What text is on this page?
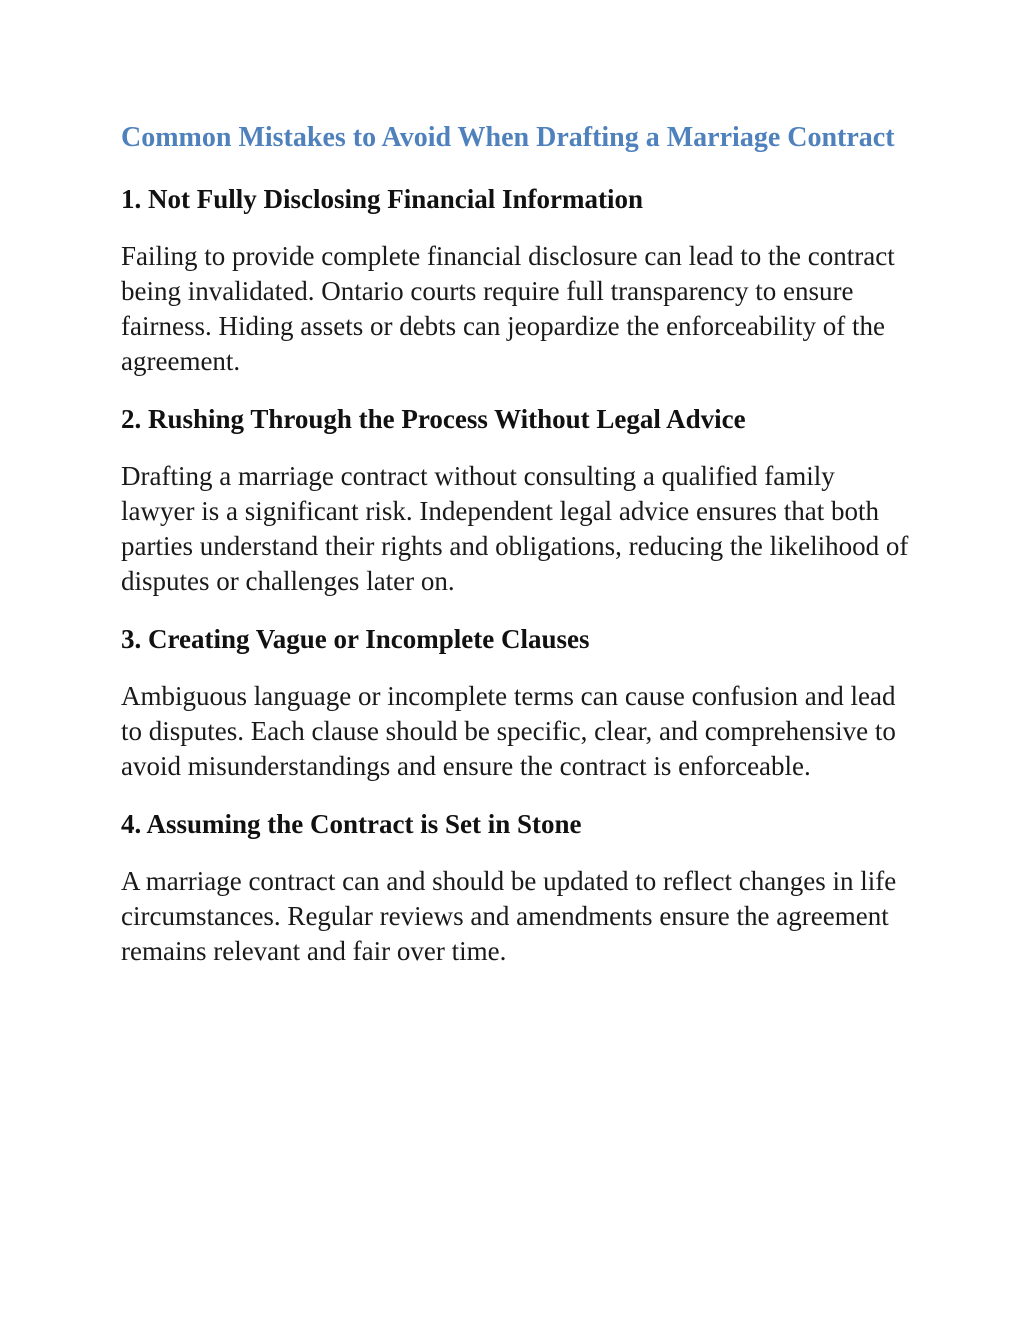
Common Mistakes to Avoid When Drafting a Marriage Contract
1. Not Fully Disclosing Financial Information

Failing to provide complete financial disclosure can lead to the contract being invalidated. Ontario courts require full transparency to ensure fairness. Hiding assets or debts can jeopardize the enforceability of the agreement.

2. Rushing Through the Process Without Legal Advice

Drafting a marriage contract without consulting a qualified family lawyer is a significant risk. Independent legal advice ensures that both parties understand their rights and obligations, reducing the likelihood of disputes or challenges later on.

3. Creating Vague or Incomplete Clauses

Ambiguous language or incomplete terms can cause confusion and lead to disputes. Each clause should be specific, clear, and comprehensive to avoid misunderstandings and ensure the contract is enforceable.

4. Assuming the Contract is Set in Stone

A marriage contract can and should be updated to reflect changes in life circumstances. Regular reviews and amendments ensure the agreement remains relevant and fair over time.
